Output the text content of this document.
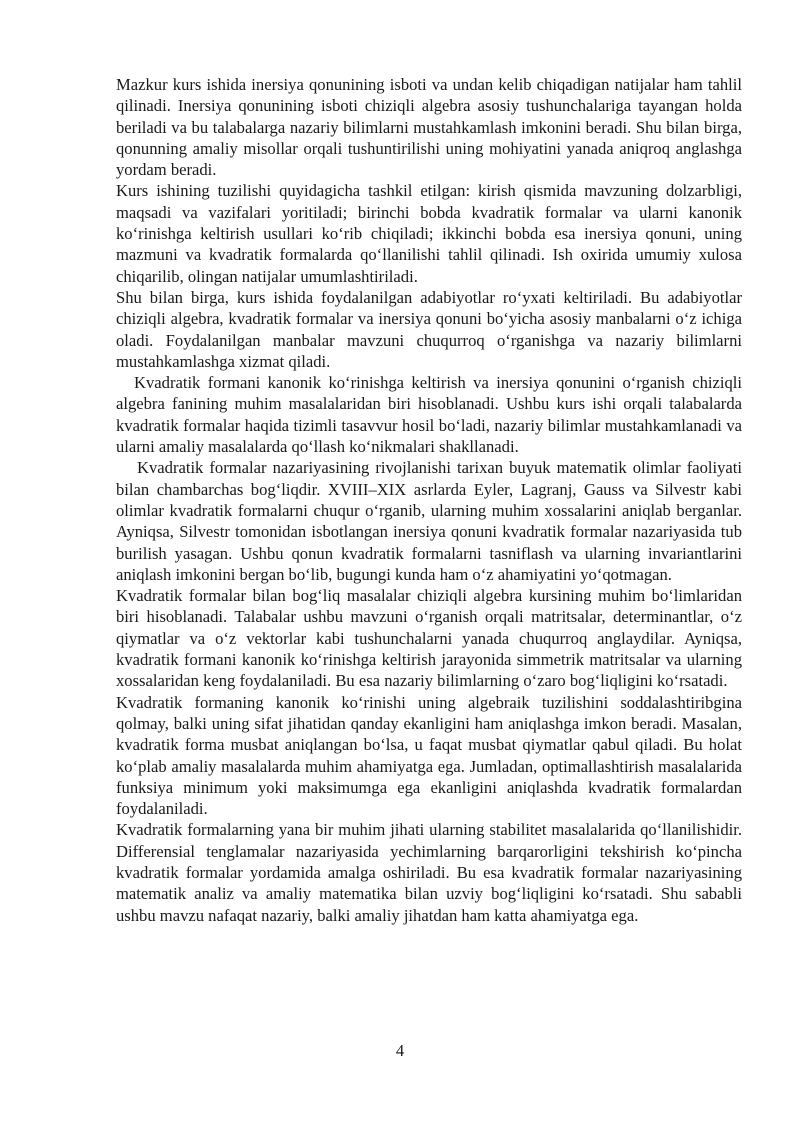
Mazkur kurs ishida inersiya qonunining isboti va undan kelib chiqadigan natijalar ham tahlil qilinadi. Inersiya qonunining isboti chiziqli algebra asosiy tushunchalariga tayangan holda beriladi va bu talabalarga nazariy bilimlarni mustahkamlash imkonini beradi. Shu bilan birga, qonunning amaliy misollar orqali tushuntirilishi uning mohiyatini yanada aniqroq anglashga yordam beradi.

Kurs ishining tuzilishi quyidagicha tashkil etilgan: kirish qismida mavzuning dolzarbligi, maqsadi va vazifalari yoritiladi; birinchi bobda kvadratik formalar va ularni kanonik ko‘rinishga keltirish usullari ko‘rib chiqiladi; ikkinchi bobda esa inersiya qonuni, uning mazmuni va kvadratik formalarda qo‘llanilishi tahlil qilinadi. Ish oxirida umumiy xulosa chiqarilib, olingan natijalar umumlashtiriladi.

Shu bilan birga, kurs ishida foydalanilgan adabiyotlar ro‘yxati keltiriladi. Bu adabiyotlar chiziqli algebra, kvadratik formalar va inersiya qonuni bo‘yicha asosiy manbalarni o‘z ichiga oladi. Foydalanilgan manbalar mavzuni chuqurroq o‘rganishga va nazariy bilimlarni mustahkamlashga xizmat qiladi.

Kvadratik formani kanonik ko‘rinishga keltirish va inersiya qonunini o‘rganish chiziqli algebra fanining muhim masalalaridan biri hisoblanadi. Ushbu kurs ishi orqali talabalarda kvadratik formalar haqida tizimli tasavvur hosil bo‘ladi, nazariy bilimlar mustahkamlanadi va ularni amaliy masalalarda qo‘llash ko‘nikmalari shakllanadi.

Kvadratik formalar nazariyasining rivojlanishi tarixan buyuk matematik olimlar faoliyati bilan chambarchas bog‘liqdir. XVIII–XIX asrlarda Eyler, Lagranj, Gauss va Silvestr kabi olimlar kvadratik formalarni chuqur o‘rganib, ularning muhim xossalarini aniqlab berganlar. Ayniqsa, Silvestr tomonidan isbotlangan inersiya qonuni kvadratik formalar nazariyasida tub burilish yasagan. Ushbu qonun kvadratik formalarni tasniflash va ularning invariantlarini aniqlash imkonini bergan bo‘lib, bugungi kunda ham o‘z ahamiyatini yo‘qotmagan.

Kvadratik formalar bilan bog‘liq masalalar chiziqli algebra kursining muhim bo‘limlaridan biri hisoblanadi. Talabalar ushbu mavzuni o‘rganish orqali matritsalar, determinantlar, o‘z qiymatlar va o‘z vektorlar kabi tushunchalarni yanada chuqurroq anglaydilar. Ayniqsa, kvadratik formani kanonik ko‘rinishga keltirish jarayonida simmetrik matritsalar va ularning xossalaridan keng foydalaniladi. Bu esa nazariy bilimlarning o‘zaro bog‘liqligini ko‘rsatadi.

Kvadratik formaning kanonik ko‘rinishi uning algebraik tuzilishini soddalashtiribgina qolmay, balki uning sifat jihatidan qanday ekanligini ham aniqlashga imkon beradi. Masalan, kvadratik forma musbat aniqlangan bo‘lsa, u faqat musbat qiymatlar qabul qiladi. Bu holat ko‘plab amaliy masalalarda muhim ahamiyatga ega. Jumladan, optimallashtirish masalalarida funksiya minimum yoki maksimumga ega ekanligini aniqlashda kvadratik formalardan foydalaniladi.

Kvadratik formalarning yana bir muhim jihati ularning stabilitet masalalarida qo‘llanilishidir. Differensial tenglamalar nazariyasida yechimlarning barqarorligini tekshirish ko‘pincha kvadratik formalar yordamida amalga oshiriladi. Bu esa kvadratik formalar nazariyasining matematik analiz va amaliy matematika bilan uzviy bog‘liqligini ko‘rsatadi. Shu sababli ushbu mavzu nafaqat nazariy, balki amaliy jihatdan ham katta ahamiyatga ega.

4
